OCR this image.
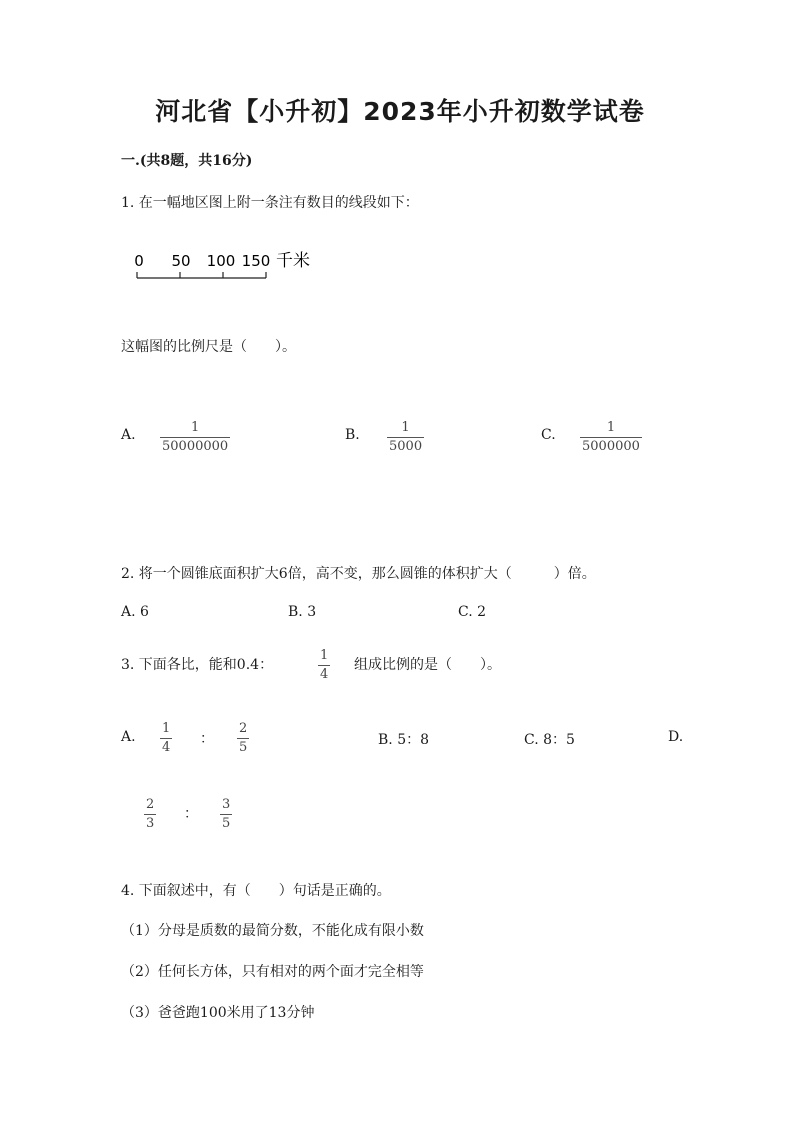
河北省【小升初】2023年小升初数学试卷
一.(共8题，共16分)
1. 在一幅地区图上附一条注有数目的线段如下：
0 50 100 150 千米
这幅图的比例尺是（　　）。
A.	1
50000000
B.	1
5000
C.	1
5000000
2. 将一个圆锥底面积扩大6倍，高不变，那么圆锥的体积扩大（　　　）倍。
A. 6	B. 3	C. 2
3. 下面各比，能和0.4：
1
4
组成比例的是（　　）。
A.
1
4
：
2
5	B. 5：8	C. 8：5	D.
2
3
：
3
5
4. 下面叙述中，有（　　）句话是正确的。
（1）分母是质数的最简分数，不能化成有限小数
（2）任何长方体，只有相对的两个面才完全相等
（3）爸爸跑100米用了13分钟
